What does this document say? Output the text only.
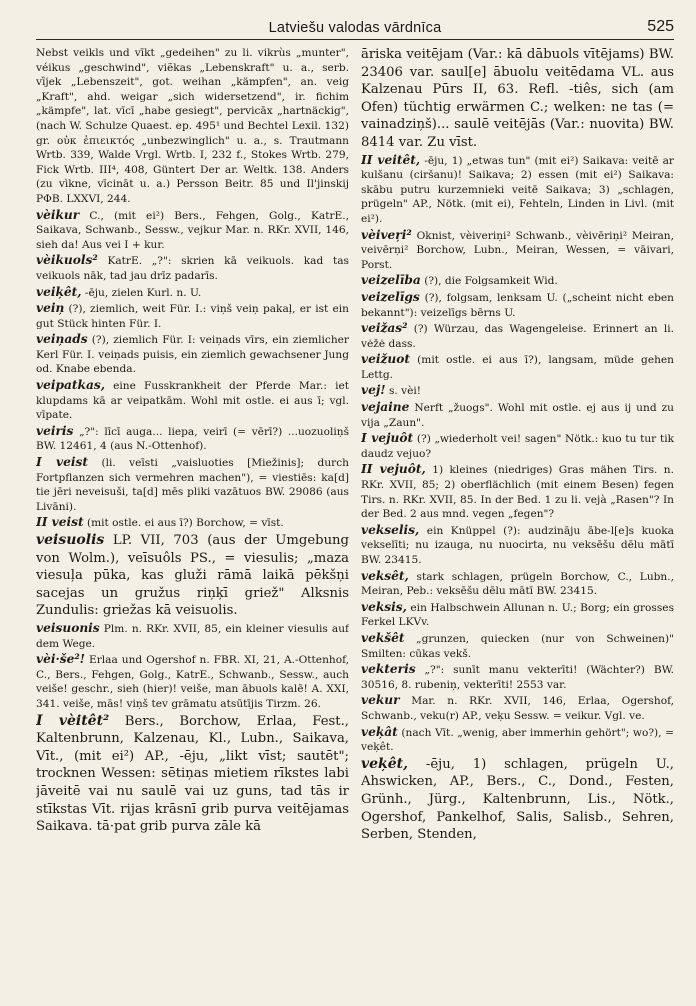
Latviešu valodas vārdnīca	525

Nebst veikls und vīkt „gedeihen" zu li. vikrùs „munter", véikus „geschwind", viẽkas „Lebenskraft" u. a., serb. vȉjek „Lebenszeit", got. weihan „kämpfen", an. veig „Kraft", ahd. weigar „sich widersetzend", ir. fichim „kämpfe", lat. vīcī „habe gesiegt", pervicāx „hartnäckig", (nach W. Schulze Quaest. ep. 495¹ und Bechtel Lexil. 132) gr. οὐκ ἐπιεικτός „unbezwinglich" u. a., s. Trautmann Wrtb. 339, Walde Vrgl. Wrtb. I, 232 f., Stokes Wrtb. 279, Fick Wrtb. III⁴, 408, Güntert Der ar. Weltk. 138. Anders (zu vìkne, vīcināt u. a.) Persson Beitr. 85 und Il'jinskij PΦB. LXXVI, 244.

vèikur C., (mit ei²) Bers., Fehgen, Golg., KatrE., Saikava, Schwanb., Sessw., vejkur Mar. n. RKr. XVII, 146, sieh da! Aus vei I + kur.

vèikuols² KatrE. „?": skrien kā veikuols. kad tas veikuols nāk, tad jau drīz padarīs.

veiķêt, -ēju, zielen Kurl. n. U.

veiņ (?), ziemlich, weit Für. I.: viņš veiņ pakaļ, er ist ein gut Stück hinten Für. I.

veiņads (?), ziemlich Für. I: veiņads vīrs, ein ziemlicher Kerl Für. I. veiņads puisis, ein ziemlich gewachsener Jung od. Knabe ebenda.

veipatkas, eine Fusskrankheit der Pferde Mar.: iet klupdams kā ar veipatkām. Wohl mit ostle. ei aus ī; vgl. vīpate.

veiris „?": līcī auga... liepa, veirī (= vērī?) ...uozuoliņš BW. 12461, 4 (aus N.-Ottenhof).

I veist (li. veīsti „vaisluoties [Miežinis]; durch Fortpflanzen sich vermehren machen"), = viestiēs: ka[d] tie jēri neveisuši, ta[d] mēs pliki vazātuos BW. 29086 (aus Livāni).

II veist (mit ostle. ei aus ī?) Borchow, = vīst.

veisuolis LP. VII, 703 (aus der Umgebung von Wolm.), veīsuôls PS., = viesulis; „maza viesuļa pūka, kas gluži rāmā laikā pēkšņi sacejas un gružus riņķī griež" Alksnis Zundulis: griežas kā veisuolis.

veisuonis Plm. n. RKr. XVII, 85, ein kleiner viesulis auf dem Wege.

vèi·še²! Erlaa und Ogershof n. FBR. XI, 21, A.-Ottenhof, C., Bers., Fehgen, Golg., KatrE., Schwanb., Sessw., auch veiše! geschr., sieh (hier)! veiše, man ābuols kalē! A. XXI, 341. veiše, mās! viņš tev grāmatu atsūtījis Tirzm. 26.

I vèitêt² Bers., Borchow, Erlaa, Fest., Kaltenbrunn, Kalzenau, Kl., Lubn., Saikava, Vīt., (mit ei²) AP., -ēju, „likt vīst; sautēt"; trocknen Wessen: sētiņas mietiem rīkstes labi jāveitē vai nu saulē vai uz guns, tad tās ir stīkstas Vīt. rijas krāsnī grib purva veitējamas Saikava. tā·pat grib purva zāle kā

āriska veitējam (Var.: kā dābuols vītējams) BW. 23406 var. saul[e] ābuolu veitēdama VL. aus Kalzenau Pūrs II, 63. Refl. -tiês, sich (am Ofen) tüchtig erwärmen C.; welken: ne tas (= vainadziņš)... saulē veitējās (Var.: nuovita) BW. 8414 var. Zu vīst.

II veitêt, -ēju, 1) „etwas tun" (mit ei²) Saikava: veitē ar kulšanu (ciršanu)! Saikava; 2) essen (mit ei²) Saikava: skābu putru kurzemnieki veitē Saikava; 3) „schlagen, prügeln" AP., Nötk. (mit ei), Fehteln, Linden in Livl. (mit ei²).

vèiveŗi² Oknist, vèiveriņi² Schwanb., vèivēriņi² Meiran, veivērņi² Borchow, Lubn., Meiran, Wessen, = vāivari, Porst.

veizelība (?), die Folgsamkeit Wid.

veizelīgs (?), folgsam, lenksam U. („scheint nicht eben bekannt"): veizelīgs bērns U.

veižas² (?) Würzau, das Wagengeleise. Erinnert an li. vėžė dass.

veižuot (mit ostle. ei aus ī?), langsam, müde gehen Lettg.

vej! s. vèi!

vejaine Nerft „žuogs". Wohl mit ostle. ej aus ij und zu vija „Zaun".

I vejuôt (?) „wiederholt vei! sagen" Nötk.: kuo tu tur tik daudz vejuo?

II vejuôt, 1) kleines (niedriges) Gras mähen Tirs. n. RKr. XVII, 85; 2) oberflächlich (mit einem Besen) fegen Tirs. n. RKr. XVII, 85. In der Bed. 1 zu li. vejà „Rasen"? In der Bed. 2 aus mnd. vegen „fegen"?

vekselis, ein Knüppel (?): audzināju ābe-l[e]s kuoka vekselīti; nu izauga, nu nuocirta, nu veksēšu dēlu mātī BW. 23415.

veksêt, stark schlagen, prügeln Borchow, C., Lubn., Meiran, Peb.: veksēšu dēlu mātī BW. 23415.

veksis, ein Halbschwein Allunan n. U.; Borg; ein grosses Ferkel LKVv.

vekšêt „grunzen, quiecken (nur von Schweinen)" Smilten: cūkas vekš.

vekteris „?": sunīt manu vekterīti! (Wächter?) BW. 30516, 8. rubeniņ, vekterīti! 2553 var.

vekur Mar. n. RKr. XVII, 146, Erlaa, Ogershof, Schwanb., veku(r) AP., veķu Sessw. = veikur. Vgl. ve.

veķât (nach Vīt. „wenig, aber immerhin gehört"; wo?), = veķêt.

veķêt, -ēju, 1) schlagen, prügeln U., Ahswicken, AP., Bers., C., Dond., Festen, Grünh., Jürg., Kaltenbrunn, Lis., Nötk., Ogershof, Pankelhof, Salis, Salisb., Sehren, Serben, Stenden,
